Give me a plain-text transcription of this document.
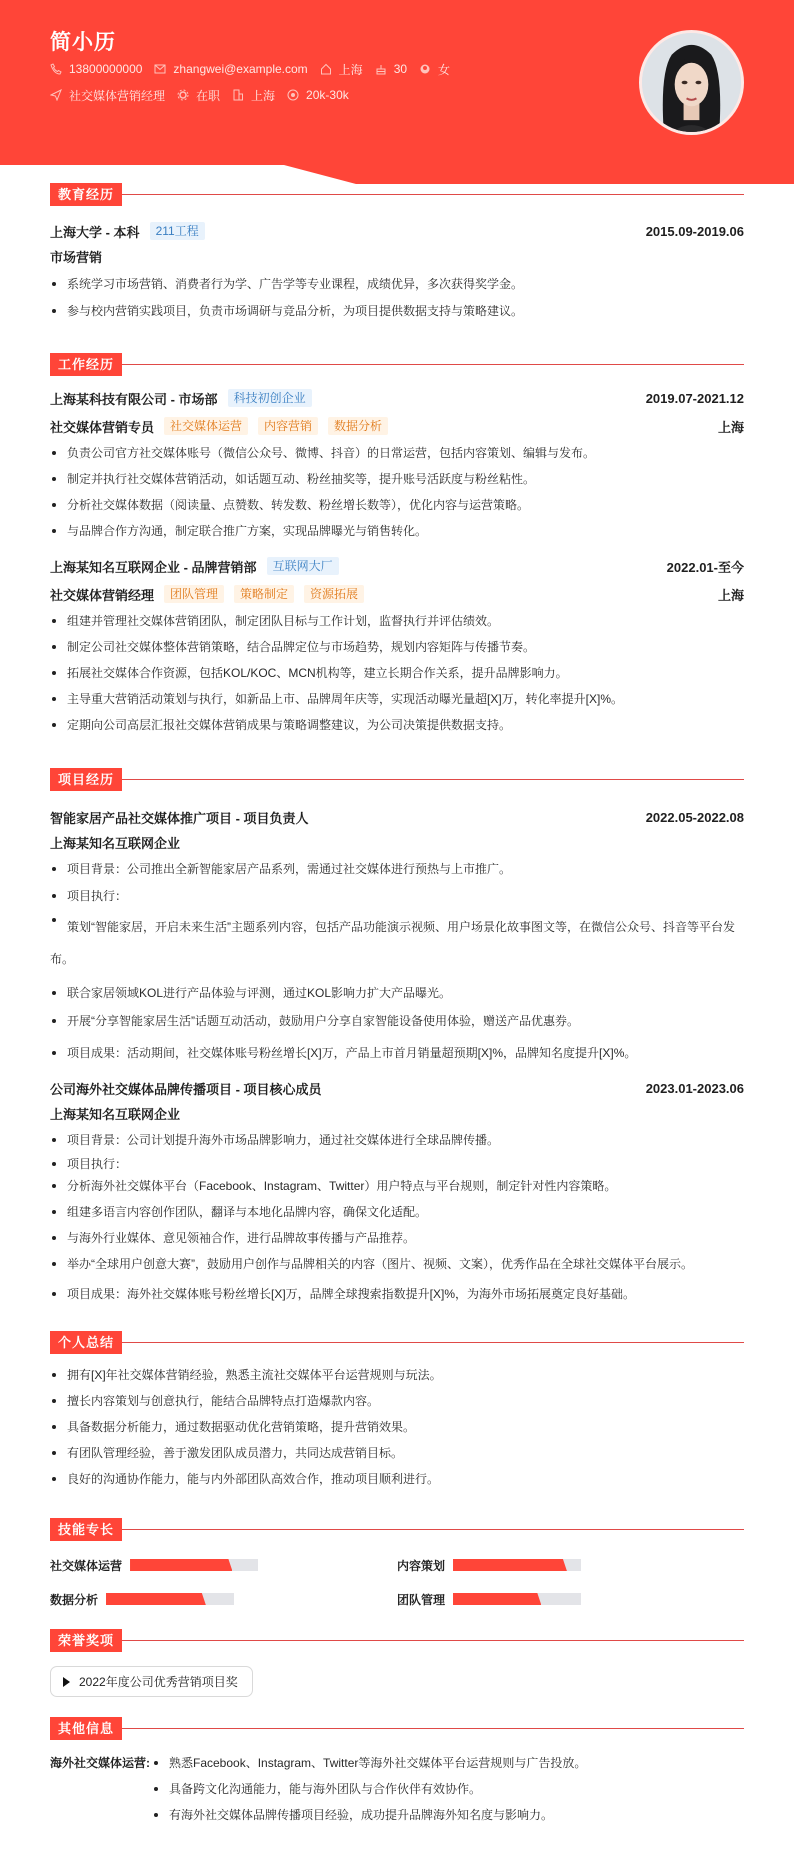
简小历
13800000000	zhangwei@example.com	上海	30	女
社交媒体营销经理	在职	上海	20k-30k
教育经历
上海大学 - 本科	211工程	2015.09-2019.06
市场营销
系统学习市场营销、消费者行为学、广告学等专业课程，成绩优异，多次获得奖学金。
参与校内营销实践项目，负责市场调研与竞品分析，为项目提供数据支持与策略建议。
工作经历
上海某科技有限公司 - 市场部	科技初创企业	2019.07-2021.12
社交媒体营销专员	社交媒体运营	内容营销	数据分析	上海
负责公司官方社交媒体账号（微信公众号、微博、抖音）的日常运营，包括内容策划、编辑与发布。
制定并执行社交媒体营销活动，如话题互动、粉丝抽奖等，提升账号活跃度与粉丝粘性。
分析社交媒体数据（阅读量、点赞数、转发数、粉丝增长数等），优化内容与运营策略。
与品牌合作方沟通，制定联合推广方案，实现品牌曝光与销售转化。
上海某知名互联网企业 - 品牌营销部	互联网大厂	2022.01-至今
社交媒体营销经理	团队管理	策略制定	资源拓展	上海
组建并管理社交媒体营销团队，制定团队目标与工作计划，监督执行并评估绩效。
制定公司社交媒体整体营销策略，结合品牌定位与市场趋势，规划内容矩阵与传播节奏。
拓展社交媒体合作资源，包括KOL/KOC、MCN机构等，建立长期合作关系，提升品牌影响力。
主导重大营销活动策划与执行，如新品上市、品牌周年庆等，实现活动曝光量超[X]万，转化率提升[X]%。
定期向公司高层汇报社交媒体营销成果与策略调整建议，为公司决策提供数据支持。
项目经历
智能家居产品社交媒体推广项目 - 项目负责人	2022.05-2022.08
上海某知名互联网企业
项目背景：公司推出全新智能家居产品系列，需通过社交媒体进行预热与上市推广。
项目执行：
策划“智能家居，开启未来生活”主题系列内容，包括产品功能演示视频、用户场景化故事图文等，在微信公众号、抖音等平台发布。
联合家居领域KOL进行产品体验与评测，通过KOL影响力扩大产品曝光。
开展“分享智能家居生活”话题互动活动，鼓励用户分享自家智能设备使用体验，赠送产品优惠券。
项目成果：活动期间，社交媒体账号粉丝增长[X]万，产品上市首月销量超预期[X]%，品牌知名度提升[X]%。
公司海外社交媒体品牌传播项目 - 项目核心成员	2023.01-2023.06
上海某知名互联网企业
项目背景：公司计划提升海外市场品牌影响力，通过社交媒体进行全球品牌传播。
项目执行：
分析海外社交媒体平台（Facebook、Instagram、Twitter）用户特点与平台规则，制定针对性内容策略。
组建多语言内容创作团队，翻译与本地化品牌内容，确保文化适配。
与海外行业媒体、意见领袖合作，进行品牌故事传播与产品推荐。
举办“全球用户创意大赛”，鼓励用户创作与品牌相关的内容（图片、视频、文案），优秀作品在全球社交媒体平台展示。
项目成果：海外社交媒体账号粉丝增长[X]万，品牌全球搜索指数提升[X]%，为海外市场拓展奠定良好基础。
个人总结
拥有[X]年社交媒体营销经验，熟悉主流社交媒体平台运营规则与玩法。
擅长内容策划与创意执行，能结合品牌特点打造爆款内容。
具备数据分析能力，通过数据驱动优化营销策略，提升营销效果。
有团队管理经验，善于激发团队成员潜力，共同达成营销目标。
良好的沟通协作能力，能与内外部团队高效合作，推动项目顺利进行。
技能专长
社交媒体运营	内容策划
数据分析	团队管理
荣誉奖项
2022年度公司优秀营销项目奖
其他信息
海外社交媒体运营:	熟悉Facebook、Instagram、Twitter等海外社交媒体平台运营规则与广告投放。
具备跨文化沟通能力，能与海外团队与合作伙伴有效协作。
有海外社交媒体品牌传播项目经验，成功提升品牌海外知名度与影响力。
